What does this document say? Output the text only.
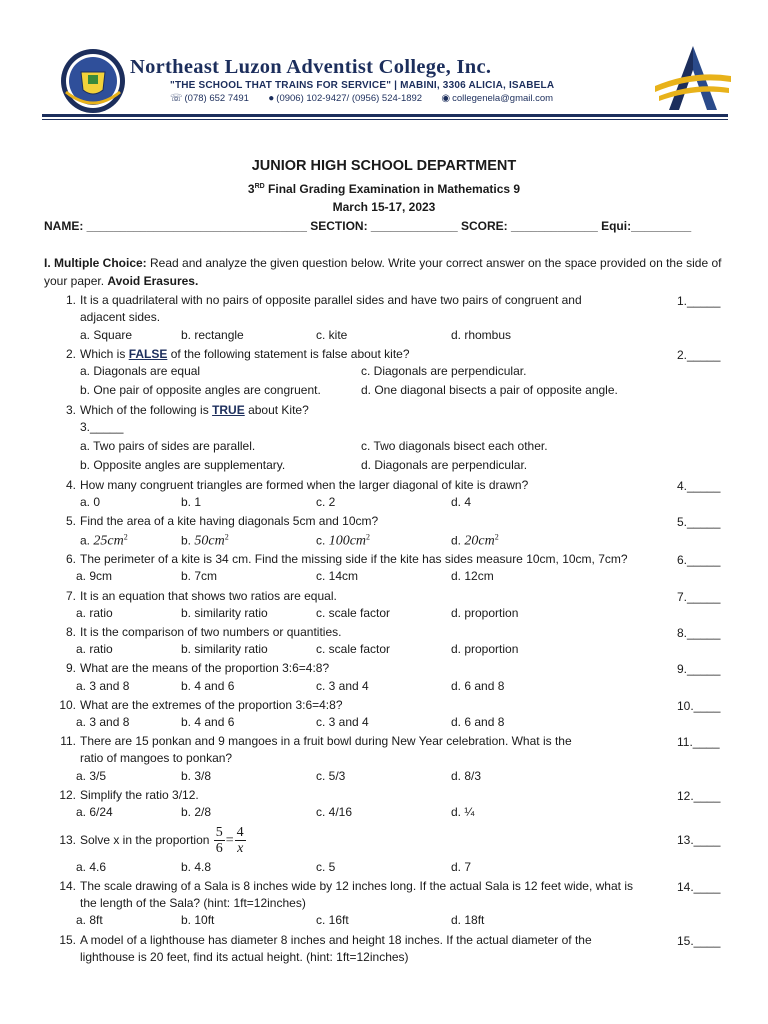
Northeast Luzon Adventist College, Inc.
"THE SCHOOL THAT TRAINS FOR SERVICE" | MABINI, 3306 ALICIA, ISABELA
☏ (078) 652 7491 ● (0906) 102-9427/ (0956) 524-1892 ◉ collegenela@gmail.com
JUNIOR HIGH SCHOOL DEPARTMENT
3RD Final Grading Examination in Mathematics 9
March 15-17, 2023
NAME: _________________________________ SECTION: _____________ SCORE: _____________ Equi:_________
I. Multiple Choice: Read and analyze the given question below. Write your correct answer on the space provided on the side of your paper. Avoid Erasures.
1. It is a quadrilateral with no pairs of opposite parallel sides and have two pairs of congruent and
adjacent sides.
1._____
a. Square	b. rectangle	c. kite	d. rhombus
2. Which is FALSE of the following statement is false about kite?	2._____
a. Diagonals are equal	c. Diagonals are perpendicular.
b. One pair of opposite angles are congruent.	d. One diagonal bisects a pair of opposite angle.
3. Which of the following is TRUE about Kite?
3._____
a. Two pairs of sides are parallel.	c. Two diagonals bisect each other.
b. Opposite angles are supplementary.	d. Diagonals are perpendicular.
4. How many congruent triangles are formed when the larger diagonal of kite is drawn?	4._____
a. 0	b. 1	c. 2	d. 4
5. Find the area of a kite having diagonals 5cm and 10cm?	5._____
a. $25cm^2$	b. $50cm^2$	c. $100cm^2$	d. $20cm^2$
6. The perimeter of a kite is 34 cm. Find the missing side if the kite has sides measure 10cm, 10cm, 7cm?	6._____
a. 9cm	b. 7cm	c. 14cm	d. 12cm
7. It is an equation that shows two ratios are equal.	7._____
a. ratio	b. similarity ratio	c. scale factor	d. proportion
8. It is the comparison of two numbers or quantities.	8._____
a. ratio	b. similarity ratio	c. scale factor	d. proportion
9. What are the means of the proportion 3:6=4:8?	9._____
a. 3 and 8	b. 4 and 6	c. 3 and 4	d. 6 and 8
10. What are the extremes of the proportion 3:6=4:8?	10.____
a. 3 and 8	b. 4 and 6	c. 3 and 4	d. 6 and 8
11. There are 15 ponkan and 9 mangoes in a fruit bowl during New Year celebration. What is the
ratio of mangoes to ponkan?
11.____
a. 3/5	b. 3/8	c. 5/3	d. 8/3
12. Simplify the ratio 3/12.	12.____
a. 6/24	b. 2/8	c. 4/16	d. ¼
13. Solve x in the proportion $\frac{5}{6} = \frac{4}{x}$	13.____
a. 4.6	b. 4.8	c. 5	d. 7
14. The scale drawing of a Sala is 8 inches wide by 12 inches long. If the actual Sala is 12 feet wide, what is
the length of the Sala? (hint: 1ft=12inches)
14.____
a. 8ft	b. 10ft	c. 16ft	d. 18ft
15. A model of a lighthouse has diameter 8 inches and height 18 inches. If the actual diameter of the
lighthouse is 20 feet, find its actual height. (hint: 1ft=12inches)
15.____
